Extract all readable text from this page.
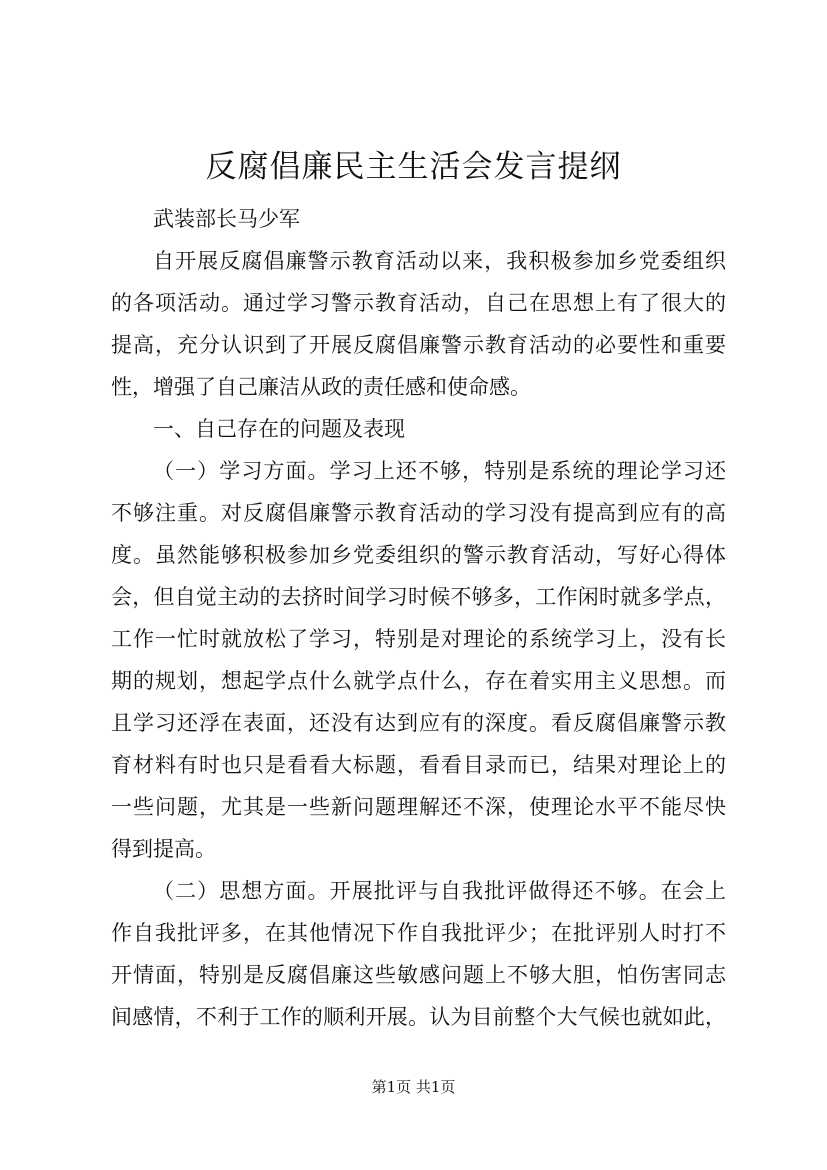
反腐倡廉民主生活会发言提纲
武装部长马少军
自开展反腐倡廉警示教育活动以来，我积极参加乡党委组织
的各项活动。通过学习警示教育活动，自己在思想上有了很大的
提高，充分认识到了开展反腐倡廉警示教育活动的必要性和重要
性，增强了自己廉洁从政的责任感和使命感。
一、自己存在的问题及表现
（一）学习方面。学习上还不够，特别是系统的理论学习还
不够注重。对反腐倡廉警示教育活动的学习没有提高到应有的高
度。虽然能够积极参加乡党委组织的警示教育活动，写好心得体
会，但自觉主动的去挤时间学习时候不够多，工作闲时就多学点，
工作一忙时就放松了学习，特别是对理论的系统学习上，没有长
期的规划，想起学点什么就学点什么，存在着实用主义思想。而
且学习还浮在表面，还没有达到应有的深度。看反腐倡廉警示教
育材料有时也只是看看大标题，看看目录而已，结果对理论上的
一些问题，尤其是一些新问题理解还不深，使理论水平不能尽快
得到提高。
（二）思想方面。开展批评与自我批评做得还不够。在会上
作自我批评多，在其他情况下作自我批评少；在批评别人时打不
开情面，特别是反腐倡廉这些敏感问题上不够大胆，怕伤害同志
间感情，不利于工作的顺利开展。认为目前整个大气候也就如此，
第1页 共1页
